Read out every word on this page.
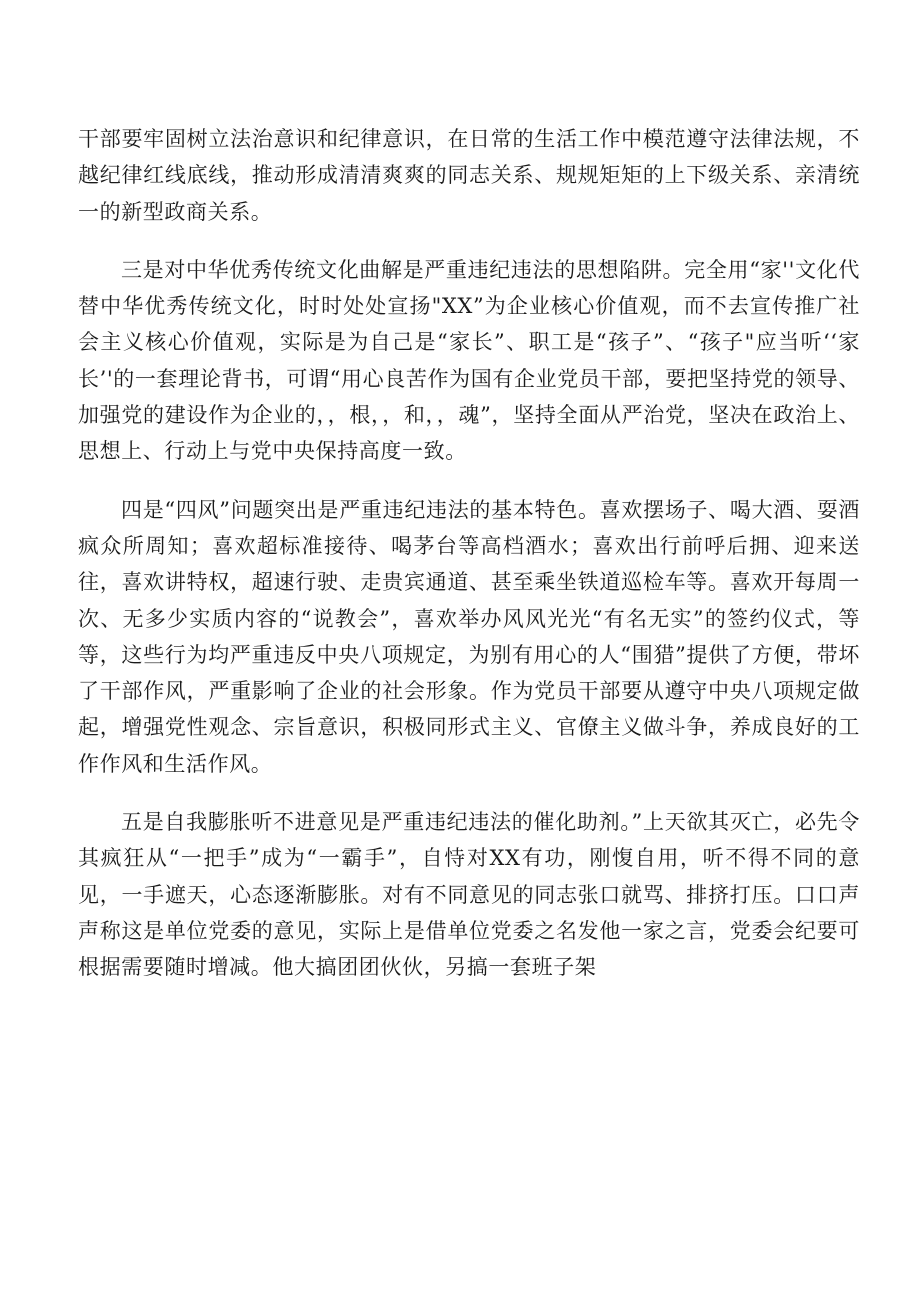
干部要牢固树立法治意识和纪律意识，在日常的生活工作中模范遵守法律法规，不越纪律红线底线，推动形成清清爽爽的同志关系、规规矩矩的上下级关系、亲清统一的新型政商关系。

三是对中华优秀传统文化曲解是严重违纪违法的思想陷阱。完全用“家''文化代替中华优秀传统文化，时时处处宣扬"XX”为企业核心价值观，而不去宣传推广社会主义核心价值观，实际是为自己是“家长”、职工是“孩子”、“孩子"应当听‘‘家长’'的一套理论背书，可谓“用心良苦作为国有企业党员干部，要把坚持党的领导、加强党的建设作为企业的，，根，，和，，魂”，坚持全面从严治党，坚决在政治上、思想上、行动上与党中央保持高度一致。

四是“四风”问题突出是严重违纪违法的基本特色。喜欢摆场子、喝大酒、耍酒疯众所周知；喜欢超标准接待、喝茅台等高档酒水；喜欢出行前呼后拥、迎来送往，喜欢讲特权，超速行驶、走贵宾通道、甚至乘坐铁道巡检车等。喜欢开每周一次、无多少实质内容的“说教会”，喜欢举办风风光光“有名无实”的签约仪式，等等，这些行为均严重违反中央八项规定，为别有用心的人“围猎”提供了方便，带坏了干部作风，严重影响了企业的社会形象。作为党员干部要从遵守中央八项规定做起，增强党性观念、宗旨意识，积极同形式主义、官僚主义做斗争，养成良好的工作作风和生活作风。

五是自我膨胀听不进意见是严重违纪违法的催化助剂。”上天欲其灭亡，必先令其疯狂从“一把手”成为“一霸手”，自恃对XX有功，刚愎自用，听不得不同的意见，一手遮天，心态逐渐膨胀。对有不同意见的同志张口就骂、排挤打压。口口声声称这是单位党委的意见，实际上是借单位党委之名发他一家之言，党委会纪要可根据需要随时增减。他大搞团团伙伙，另搞一套班子架
